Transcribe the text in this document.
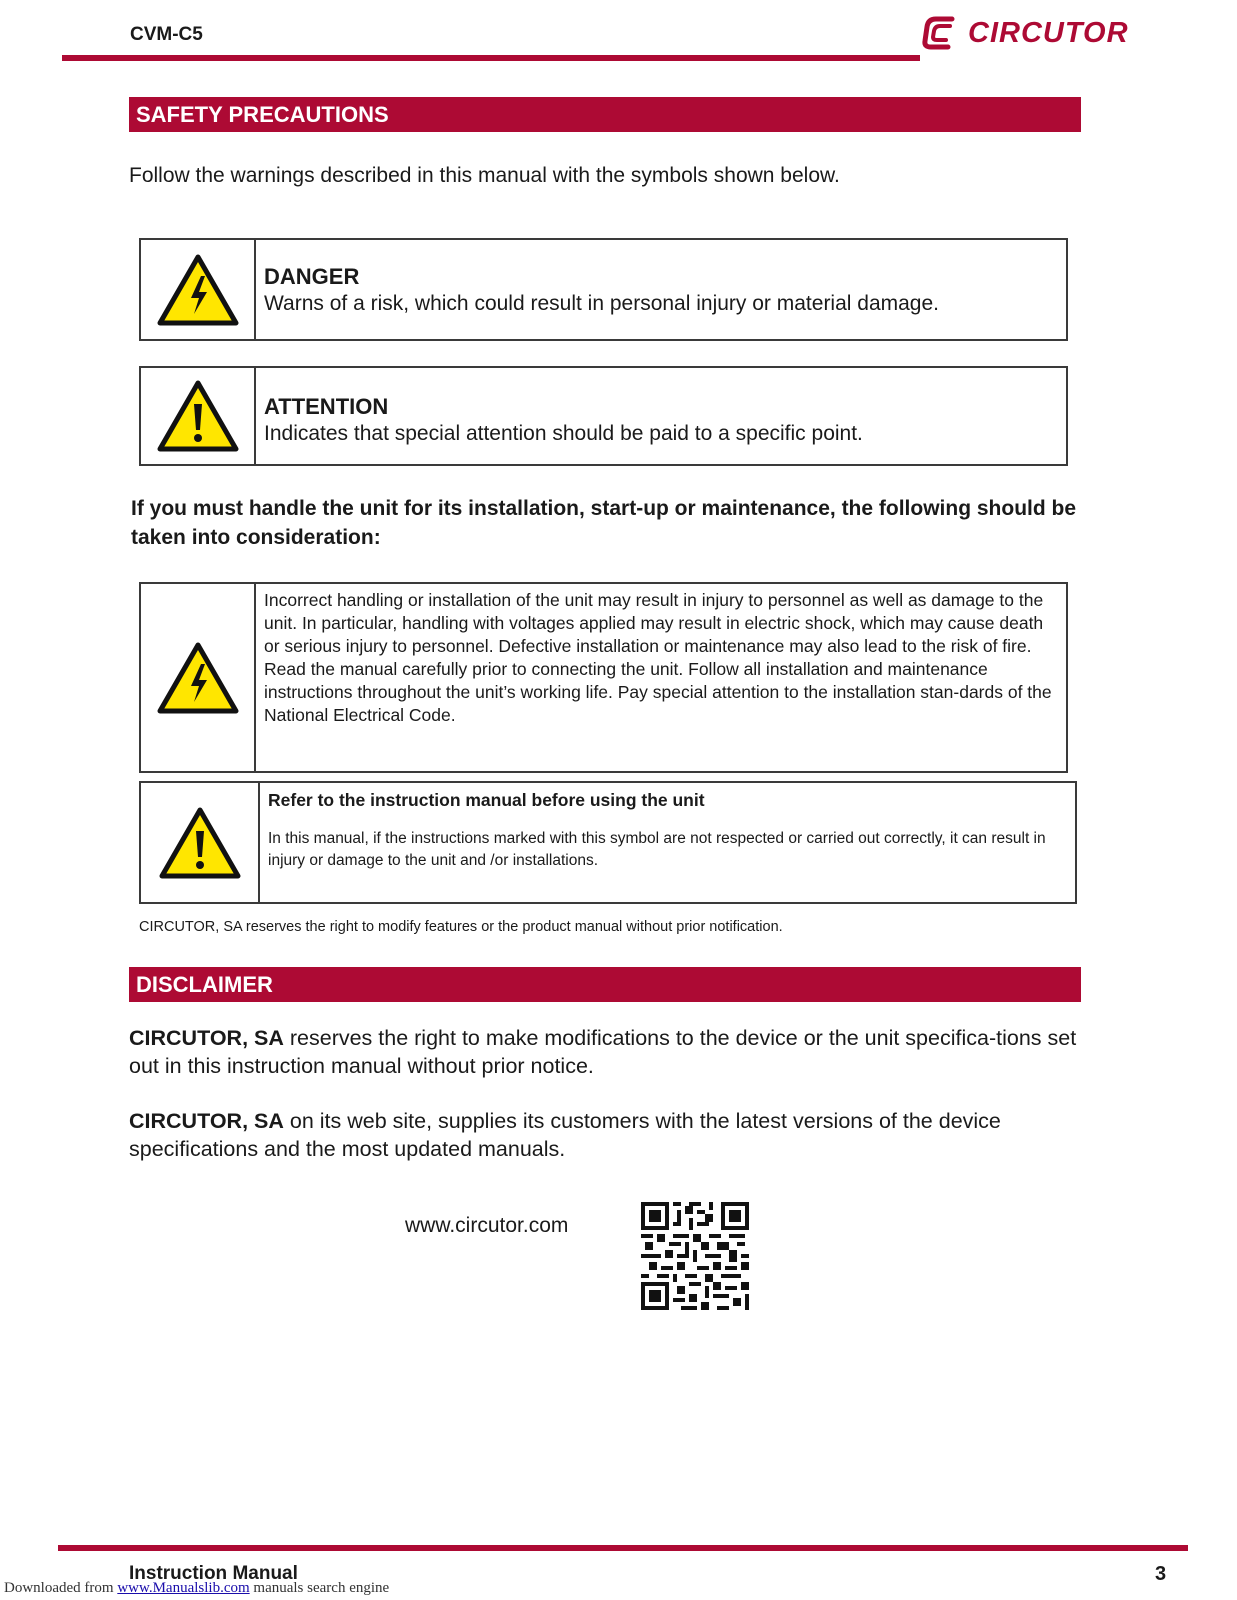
CVM-C5	CIRCUTOR
SAFETY PRECAUTIONS
Follow the warnings described in this manual with the symbols shown below.
DANGER
Warns of a risk, which could result in personal injury or material damage.
ATTENTION
Indicates that special attention should be paid to a specific point.
If you must handle the unit for its installation, start-up or maintenance, the following should be taken into consideration:

Incorrect handling or installation of the unit may result in injury to personnel as well as damage to the unit. In particular, handling with voltages applied may result in electric shock, which may cause death or serious injury to personnel. Defective installation or maintenance may also lead to the risk of fire.

Read the manual carefully prior to connecting the unit. Follow all installation and maintenance instructions throughout the unit’s working life. Pay special attention to the installation stan-dards of the National Electrical Code.

Refer to the instruction manual before using the unit
In this manual, if the instructions marked with this symbol are not respected or carried out correctly, it can result in injury or damage to the unit and /or installations.
CIRCUTOR, SA reserves the right to modify features or the product manual without prior notification.
DISCLAIMER
CIRCUTOR, SA reserves the right to make modifications to the device or the unit specifica-tions set out in this instruction manual without prior notice.
CIRCUTOR, SA on its web site, supplies its customers with the latest versions of the device specifications and the most updated manuals.
www.circutor.com
Instruction Manual	3
Downloaded from www.Manualslib.com manuals search engine
